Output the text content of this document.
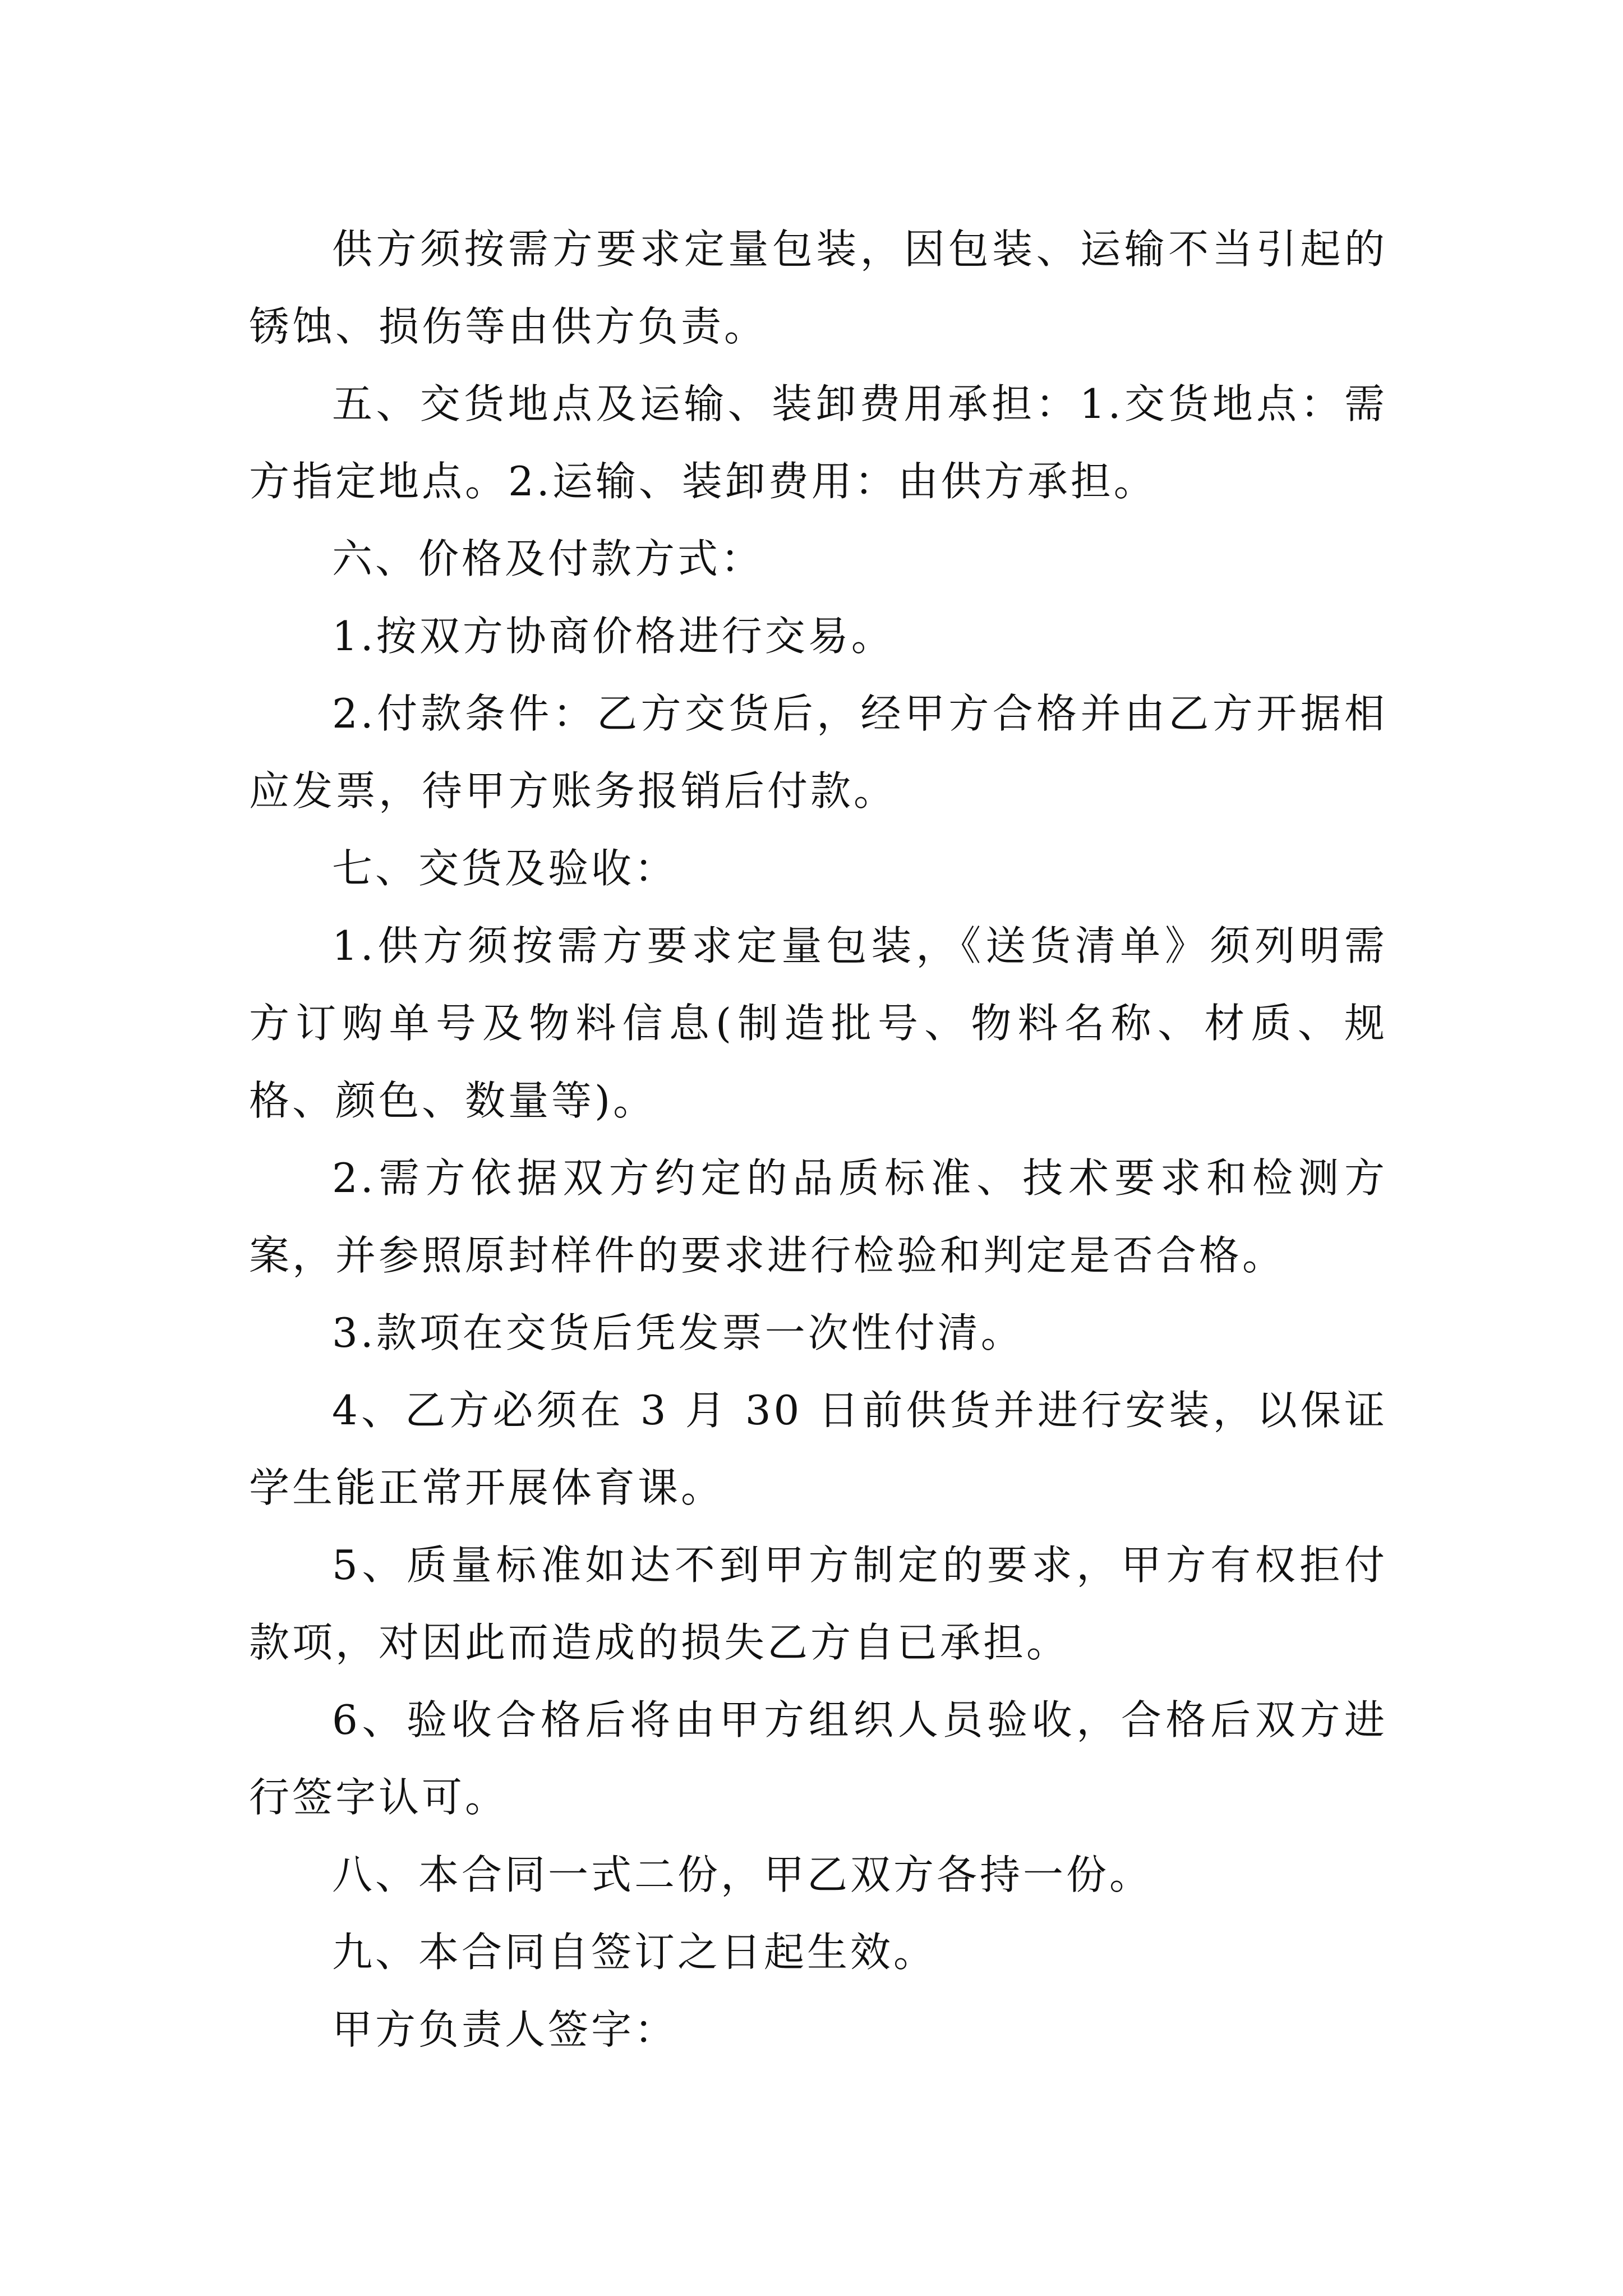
供方须按需方要求定量包装，因包装、运输不当引起的锈蚀、损伤等由供方负责。

五、交货地点及运输、装卸费用承担：1.交货地点：需方指定地点。2.运输、装卸费用：由供方承担。

六、价格及付款方式：

1.按双方协商价格进行交易。

2.付款条件：乙方交货后，经甲方合格并由乙方开据相应发票，待甲方账务报销后付款。

七、交货及验收：

1.供方须按需方要求定量包装，《送货清单》须列明需方订购单号及物料信息(制造批号、物料名称、材质、规格、颜色、数量等)。

2.需方依据双方约定的品质标准、技术要求和检测方案，并参照原封样件的要求进行检验和判定是否合格。

3.款项在交货后凭发票一次性付清。

4、乙方必须在 3 月 30 日前供货并进行安装，以保证学生能正常开展体育课。

5、质量标准如达不到甲方制定的要求，甲方有权拒付款项，对因此而造成的损失乙方自已承担。

6、验收合格后将由甲方组织人员验收，合格后双方进行签字认可。

八、本合同一式二份，甲乙双方各持一份。

九、本合同自签订之日起生效。

甲方负责人签字：
